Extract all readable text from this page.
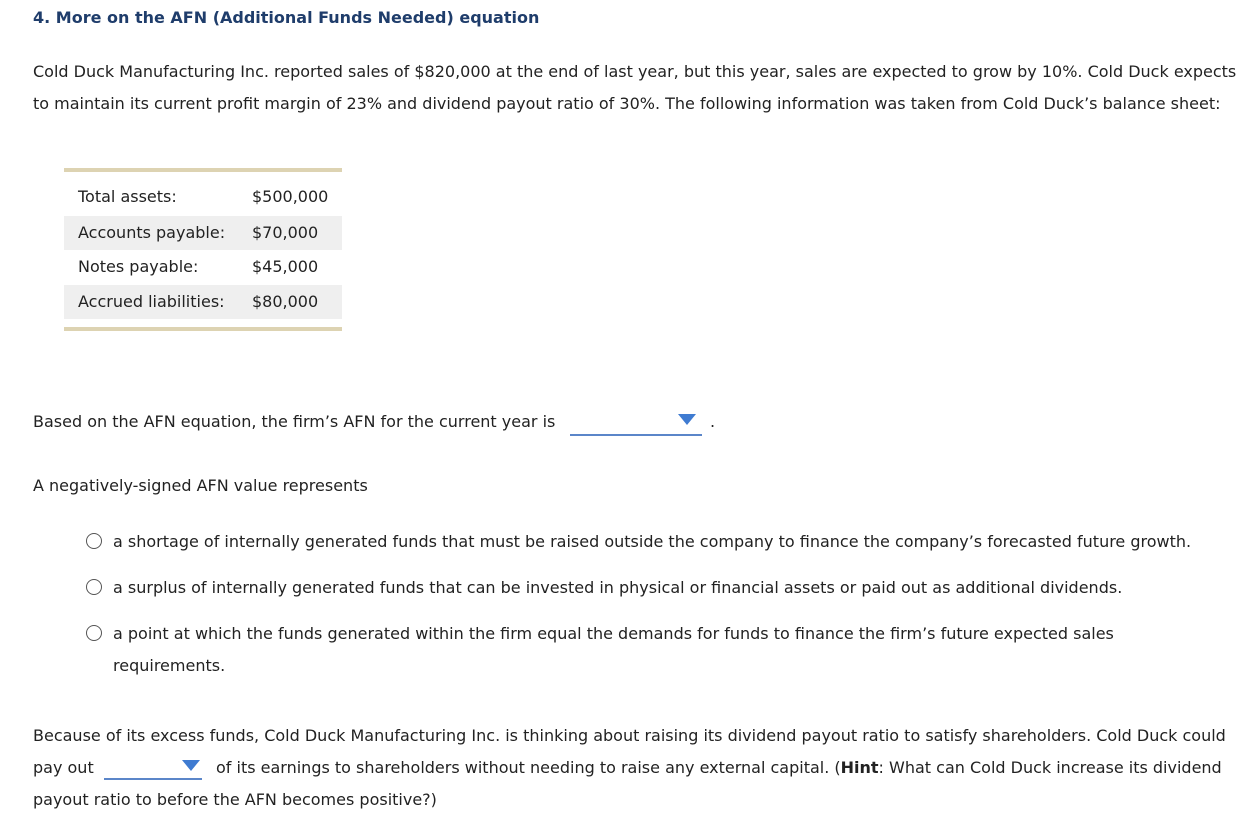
4. More on the AFN (Additional Funds Needed) equation
Cold Duck Manufacturing Inc. reported sales of $820,000 at the end of last year, but this year, sales are expected to grow by 10%. Cold Duck expects
to maintain its current profit margin of 23% and dividend payout ratio of 30%. The following information was taken from Cold Duck’s balance sheet:
Total assets:	$500,000
Accounts payable: $70,000
Notes payable:	$45,000
Accrued liabilities: $80,000
Based on the AFN equation, the firm’s AFN for the current year is	.
A negatively-signed AFN value represents
a shortage of internally generated funds that must be raised outside the company to finance the company’s forecasted future growth.
a surplus of internally generated funds that can be invested in physical or financial assets or paid out as additional dividends.
a point at which the funds generated within the firm equal the demands for funds to finance the firm’s future expected sales
requirements.
Because of its excess funds, Cold Duck Manufacturing Inc. is thinking about raising its dividend payout ratio to satisfy shareholders. Cold Duck could
pay out	of its earnings to shareholders without needing to raise any external capital. (Hint: What can Cold Duck increase its dividend
payout ratio to before the AFN becomes positive?)
